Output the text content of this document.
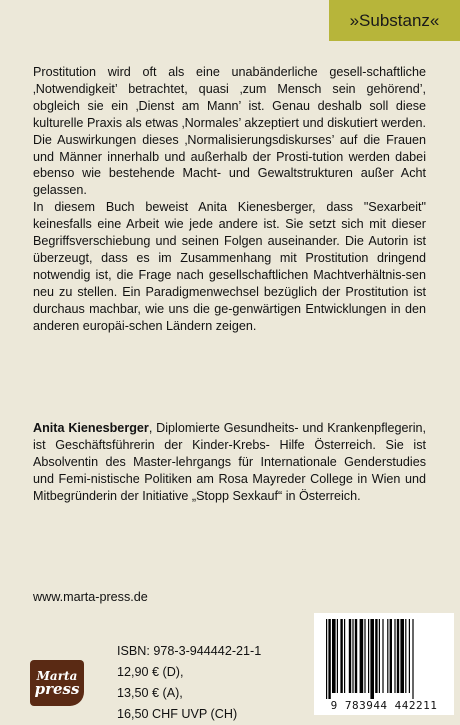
»Substanz«

Prostitution wird oft als eine unabänderliche gesell-schaftliche ‚Notwendigkeit’ betrachtet, quasi ‚zum Mensch sein gehörend’, obgleich sie ein ‚Dienst am Mann’ ist. Genau deshalb soll diese kulturelle Praxis als etwas ‚Normales’ akzeptiert und diskutiert werden. Die Auswirkungen dieses ‚Normalisierungsdiskurses’ auf die Frauen und Männer innerhalb und außerhalb der Prosti-tution werden dabei ebenso wie bestehende Macht- und Gewaltstrukturen außer Acht gelassen.

In diesem Buch beweist Anita Kienesberger, dass "Sexarbeit" keinesfalls eine Arbeit wie jede andere ist. Sie setzt sich mit dieser Begriffsverschiebung und seinen Folgen auseinander. Die Autorin ist überzeugt, dass es im Zusammenhang mit Prostitution dringend notwendig ist, die Frage nach gesellschaftlichen Machtverhältnis-sen neu zu stellen. Ein Paradigmenwechsel bezüglich der Prostitution ist durchaus machbar, wie uns die ge-genwärtigen Entwicklungen in den anderen europäi-schen Ländern zeigen.

Anita Kienesberger, Diplomierte Gesundheits- und Krankenpflegerin, ist Geschäftsführerin der Kinder-Krebs- Hilfe Österreich. Sie ist Absolventin des Master-lehrgangs für Internationale Genderstudies und Femi-nistische Politiken am Rosa Mayreder College in Wien und Mitbegründerin der Initiative „Stopp Sexkauf“ in Österreich.

www.marta-press.de
Marta
press
ISBN: 978-3-944442-21-1
12,90 € (D),
13,50 € (A),
16,50 CHF UVP (CH)
9 783944 442211
